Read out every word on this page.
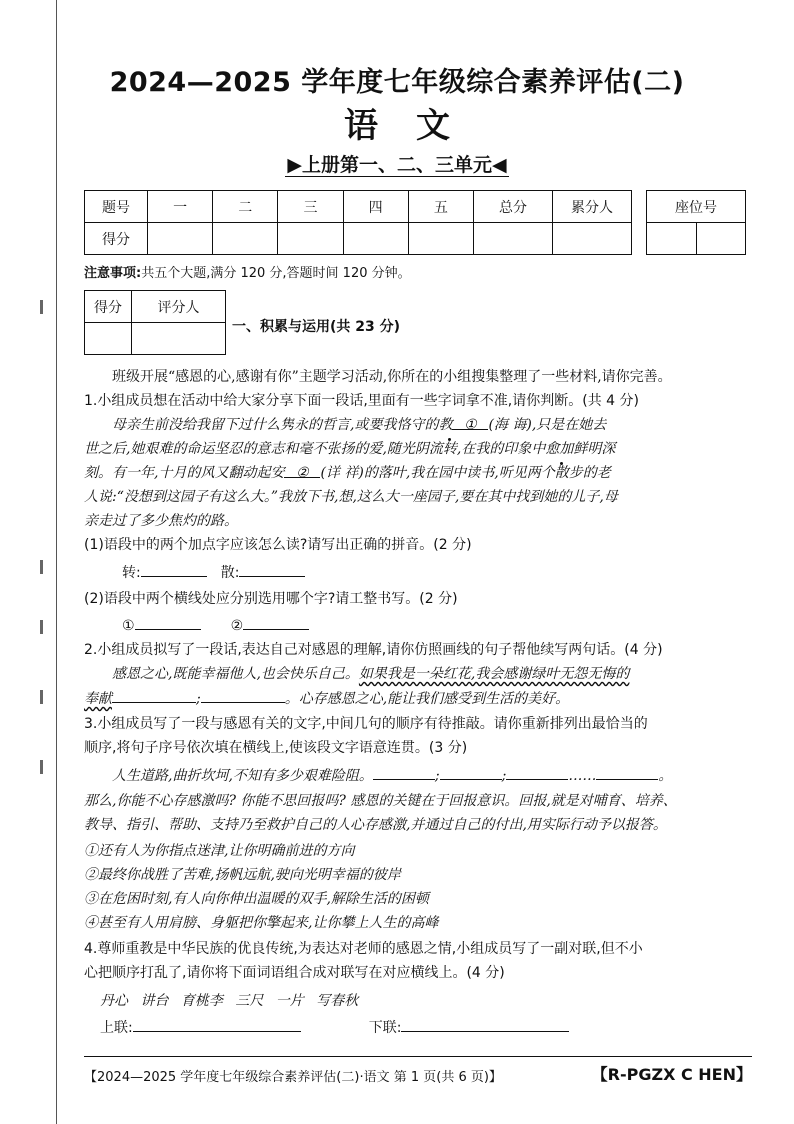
2024—2025 学年度七年级综合素养评估(二)
语文
▶上册第一、二、三单元◀
题号	一	二	三	四	五	总分	累分人
得分							
座位号

注意事项:共五个大题,满分 120 分,答题时间 120 分钟。
得分	评分人

一、积累与运用(共 23 分)
班级开展“感恩的心,感谢有你”主题学习活动,你所在的小组搜集整理了一些材料,请你完善。
1.小组成员想在活动中给大家分享下面一段话,里面有一些字词拿不准,请你判断。(共 4 分)
母亲生前没给我留下过什么隽永的哲言,或要我恪守的教 ① (海 诲),只是在她去
世之后,她艰难的命运坚忍的意志和毫不张扬的爱,随光阴流转,在我的印象中愈加鲜明深
刻。有一年,十月的风又翻动起安 ② (详 祥)的落叶,我在园中读书,听见两个散步的老
人说:“没想到这园子有这么大。”我放下书,想,这么大一座园子,要在其中找到她的儿子,母
亲走过了多少焦灼的路。
(1)语段中的两个加点字应该怎么读?请写出正确的拼音。(2 分)
转:	散:
(2)语段中两个横线处应分别选用哪个字?请工整书写。(2 分)
①	②
2.小组成员拟写了一段话,表达自己对感恩的理解,请你仿照画线的句子帮他续写两句话。(4 分)
感恩之心,既能幸福他人,也会快乐自己。如果我是一朵红花,我会感谢绿叶无怨无悔的
奉献	;	。心存感恩之心,能让我们感受到生活的美好。
3.小组成员写了一段与感恩有关的文字,中间几句的顺序有待推敲。请你重新排列出最恰当的
顺序,将句子序号依次填在横线上,使该段文字语意连贯。(3 分)
人生道路,曲折坎坷,不知有多少艰难险阻。	;	;	……	。
那么,你能不心存感激吗? 你能不思回报吗? 感恩的关键在于回报意识。回报,就是对哺育、培养、
教导、指引、帮助、支持乃至救护自己的人心存感激,并通过自己的付出,用实际行动予以报答。
①还有人为你指点迷津,让你明确前进的方向
②最终你战胜了苦难,扬帆远航,驶向光明幸福的彼岸
③在危困时刻,有人向你伸出温暖的双手,解除生活的困顿
④甚至有人用肩膀、身躯把你擎起来,让你攀上人生的高峰
4.尊师重教是中华民族的优良传统,为表达对老师的感恩之情,小组成员写了一副对联,但不小
心把顺序打乱了,请你将下面词语组合成对联写在对应横线上。(4 分)
丹心 讲台 育桃李 三尺 一片 写春秋
上联:	下联:
【2024—2025 学年度七年级综合素养评估(二)·语文 第 1 页(共 6 页)】	【R-PGZX C HEN】
